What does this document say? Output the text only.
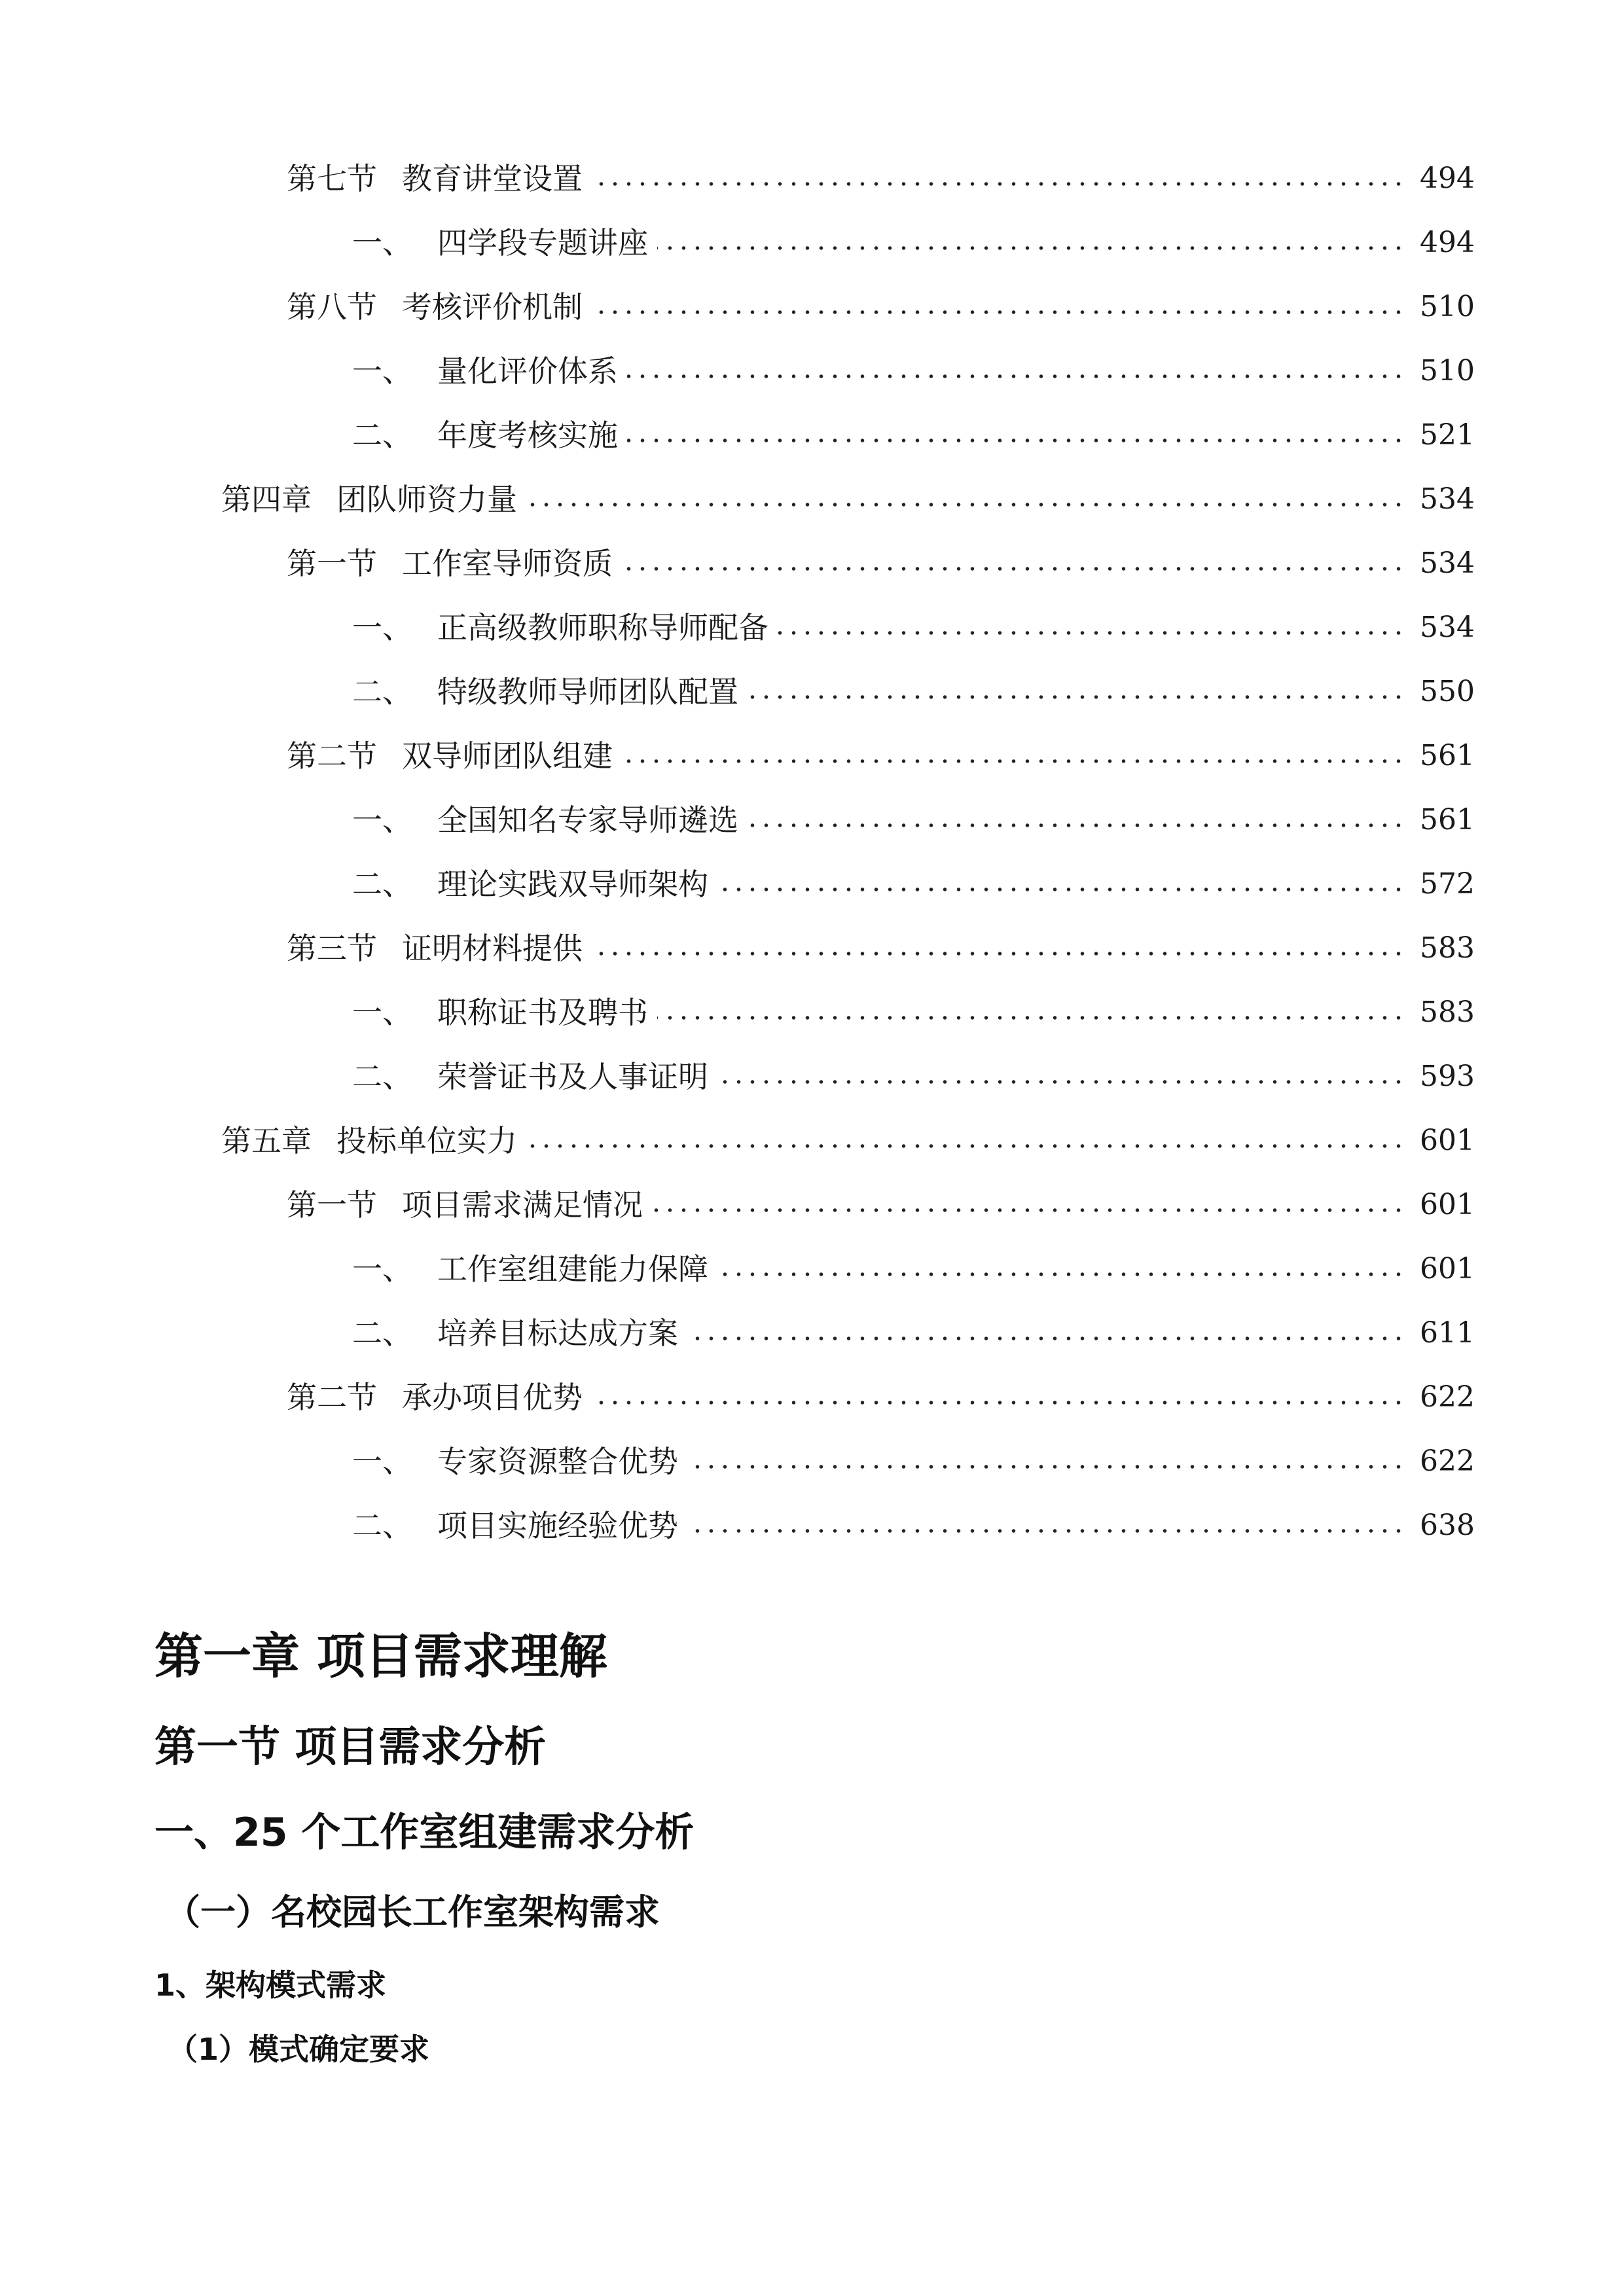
第七节 教育讲堂设置	494
一、 四学段专题讲座	494
第八节 考核评价机制	510
一、 量化评价体系	510
二、 年度考核实施	521
第四章 团队师资力量	534
第一节 工作室导师资质	534
一、 正高级教师职称导师配备	534
二、 特级教师导师团队配置	550
第二节 双导师团队组建	561
一、 全国知名专家导师遴选	561
二、 理论实践双导师架构	572
第三节 证明材料提供	583
一、 职称证书及聘书	583
二、 荣誉证书及人事证明	593
第五章 投标单位实力	601
第一节 项目需求满足情况	601
一、 工作室组建能力保障	601
二、 培养目标达成方案	611
第二节 承办项目优势	622
一、 专家资源整合优势	622
二、 项目实施经验优势	638
第一章 项目需求理解
第一节 项目需求分析
一、25 个工作室组建需求分析
（一）名校园长工作室架构需求
1、架构模式需求
（1）模式确定要求
